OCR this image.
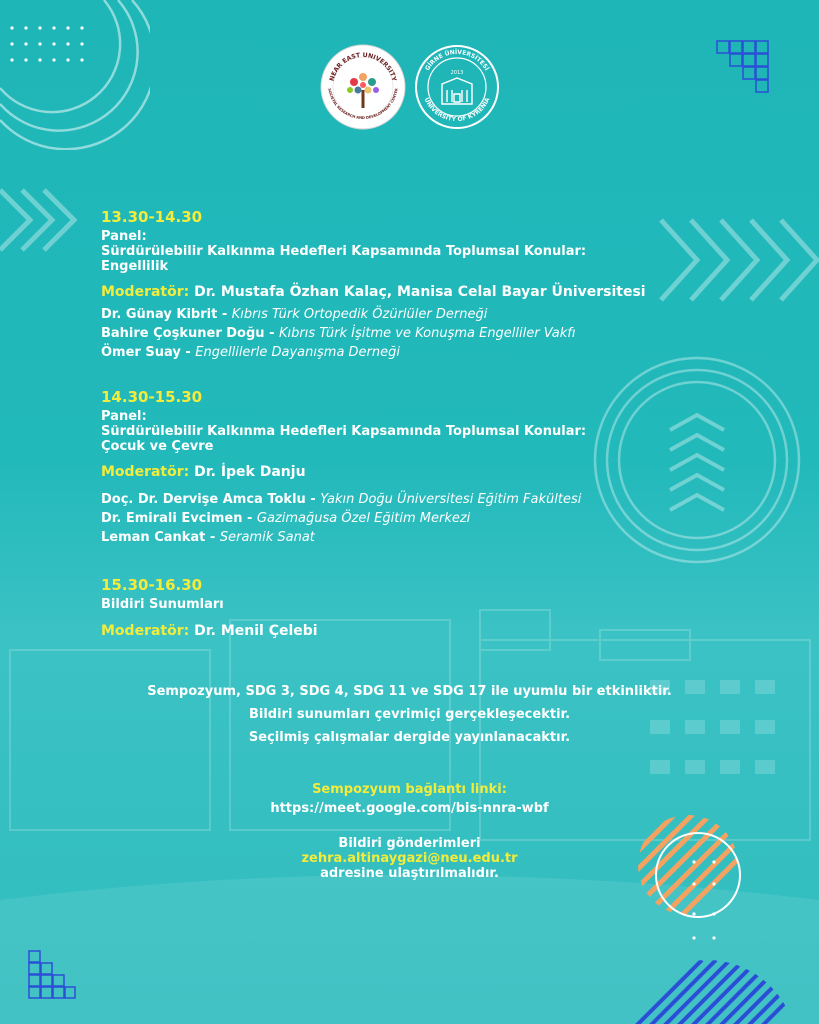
NEAR EAST UNIVERSITY
SOCIETAL RESEARCH AND DEVELOPMENT CENTER
GİRNE ÜNİVERSİTESİ
UNIVERSITY OF KYRENIA
2013
13.30-14.30
Panel:
Sürdürülebilir Kalkınma Hedefleri Kapsamında Toplumsal Konular:
Engellilik
Moderatör: Dr. Mustafa Özhan Kalaç, Manisa Celal Bayar Üniversitesi
Dr. Günay Kibrit - Kıbrıs Türk Ortopedik Özürlüler Derneği
Bahire Çoşkuner Doğu - Kıbrıs Türk İşitme ve Konuşma Engelliler Vakfı
Ömer Suay - Engellilerle Dayanışma Derneği
14.30-15.30
Panel:
Sürdürülebilir Kalkınma Hedefleri Kapsamında Toplumsal Konular:
Çocuk ve Çevre
Moderatör: Dr. İpek Danju
Doç. Dr. Dervişe Amca Toklu - Yakın Doğu Üniversitesi Eğitim Fakültesi
Dr. Emirali Evcimen - Gazimağusa Özel Eğitim Merkezi
Leman Cankat - Seramik Sanat
15.30-16.30
Bildiri Sunumları
Moderatör: Dr. Menil Çelebi
Sempozyum, SDG 3, SDG 4, SDG 11 ve SDG 17 ile uyumlu bir etkinliktir.
Bildiri sunumları çevrimiçi gerçekleşecektir.
Seçilmiş çalışmalar dergide yayınlanacaktır.
Sempozyum bağlantı linki:
https://meet.google.com/bis-nnra-wbf
Bildiri gönderimleri
zehra.altinaygazi@neu.edu.tr
adresine ulaştırılmalıdır.
